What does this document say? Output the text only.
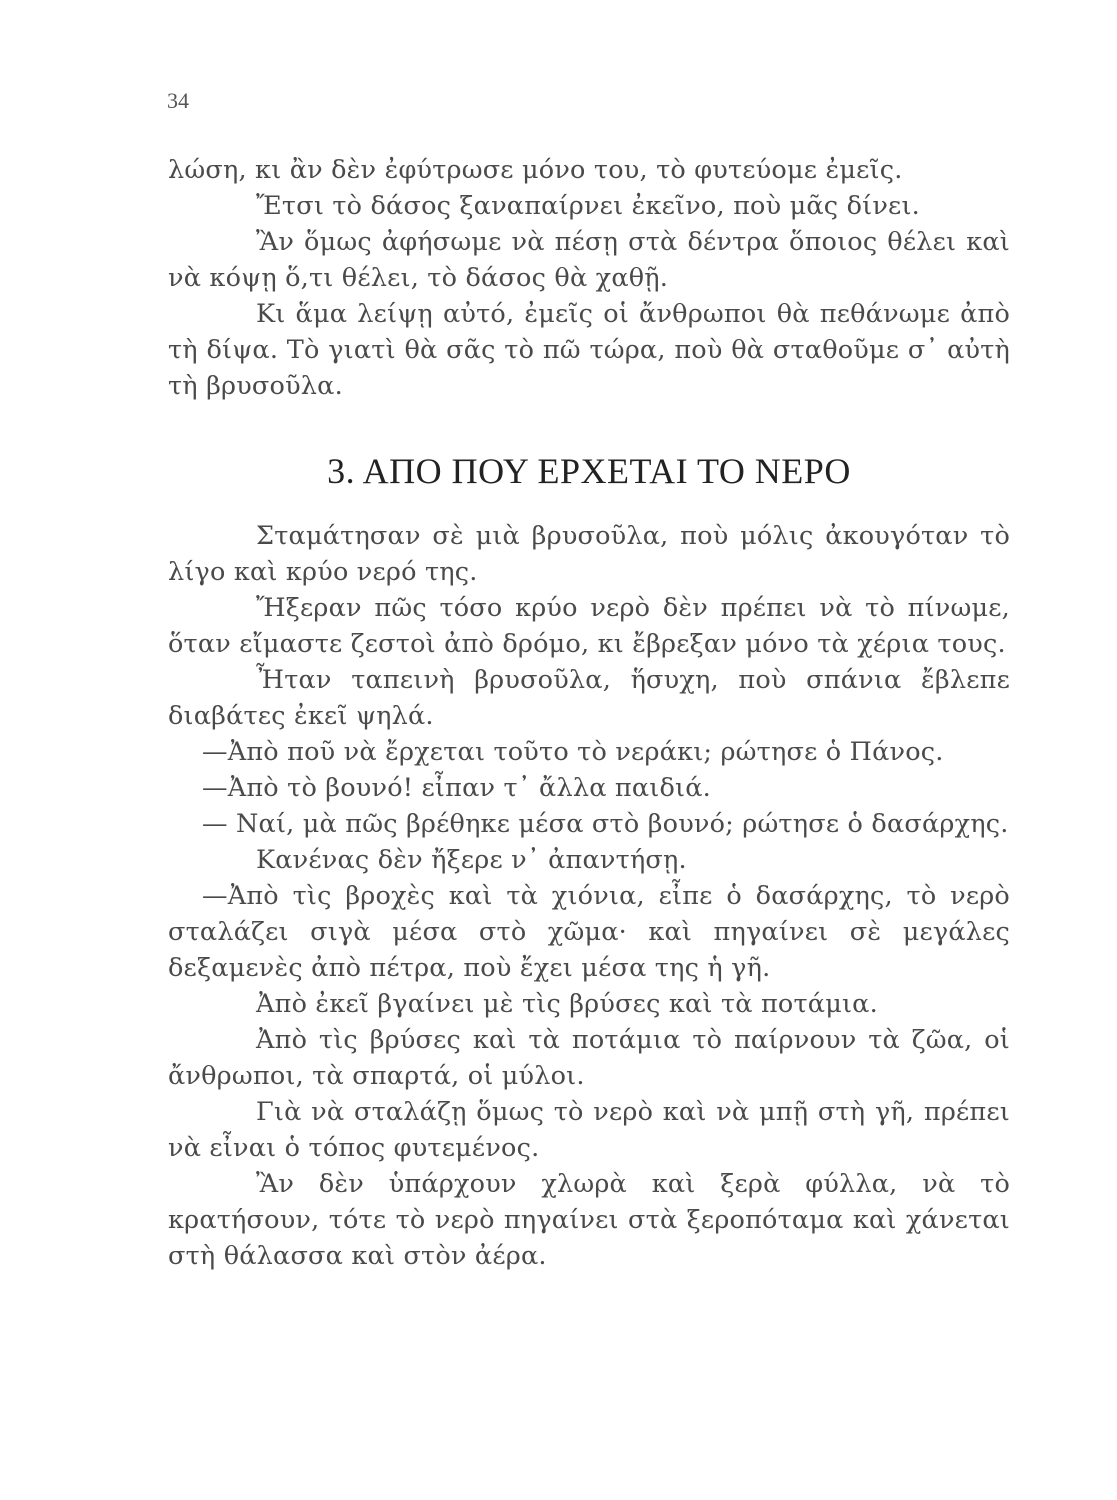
34

λώση, κι ἂν δὲν ἐφύτρωσε μόνο του, τὸ φυτεύομε ἐμεῖς.

Ἔτσι τὸ δάσος ξαναπαίρνει ἐκεῖνο, ποὺ μᾶς δίνει.

Ἂν ὅμως ἀφήσωμε νὰ πέσῃ στὰ δέντρα ὅποιος θέλει καὶ νὰ κόψῃ ὅ,τι θέλει, τὸ δάσος θὰ χαθῇ.

Κι ἅμα λείψῃ αὐτό, ἐμεῖς οἱ ἄνθρωποι θὰ πεθάνωμε ἀπὸ τὴ δίψα. Τὸ γιατὶ θὰ σᾶς τὸ πῶ τώρα, ποὺ θὰ σταθοῦμε σ᾽ αὐτὴ τὴ βρυσοῦλα.

3. ΑΠΟ ΠΟΥ ΕΡΧΕΤΑΙ ΤΟ ΝΕΡΟ

Σταμάτησαν σὲ μιὰ βρυσοῦλα, ποὺ μόλις ἀκουγόταν τὸ λίγο καὶ κρύο νερό της.

Ἤξεραν πῶς τόσο κρύο νερὸ δὲν πρέπει νὰ τὸ πίνωμε, ὅταν εἴμαστε ζεστοὶ ἀπὸ δρόμο, κι ἔβρεξαν μόνο τὰ χέρια τους.

Ἦταν ταπεινὴ βρυσοῦλα, ἥσυχη, ποὺ σπάνια ἔβλεπε διαβάτες ἐκεῖ ψηλά.

—Ἀπὸ ποῦ νὰ ἔρχεται τοῦτο τὸ νεράκι; ρώτησε ὁ Πάνος.

—Ἀπὸ τὸ βουνό! εἶπαν τ᾽ ἄλλα παιδιά.

— Ναί, μὰ πῶς βρέθηκε μέσα στὸ βουνό; ρώτησε ὁ δασάρχης.

Κανένας δὲν ἤξερε ν᾽ ἀπαντήσῃ.

—Ἀπὸ τὶς βροχὲς καὶ τὰ χιόνια, εἶπε ὁ δασάρχης, τὸ νερὸ σταλάζει σιγὰ μέσα στὸ χῶμα· καὶ πηγαίνει σὲ μεγάλες δεξαμενὲς ἀπὸ πέτρα, ποὺ ἔχει μέσα της ἡ γῆ.

Ἀπὸ ἐκεῖ βγαίνει μὲ τὶς βρύσες καὶ τὰ ποτάμια.

Ἀπὸ τὶς βρύσες καὶ τὰ ποτάμια τὸ παίρνουν τὰ ζῶα, οἱ ἄνθρωποι, τὰ σπαρτά, οἱ μύλοι.

Γιὰ νὰ σταλάζῃ ὅμως τὸ νερὸ καὶ νὰ μπῇ στὴ γῆ, πρέπει νὰ εἶναι ὁ τόπος φυτεμένος.

Ἂν δὲν ὑπάρχουν χλωρὰ καὶ ξερὰ φύλλα, νὰ τὸ κρατήσουν, τότε τὸ νερὸ πηγαίνει στὰ ξεροπόταμα καὶ χάνεται στὴ θάλασσα καὶ στὸν ἀέρα.
